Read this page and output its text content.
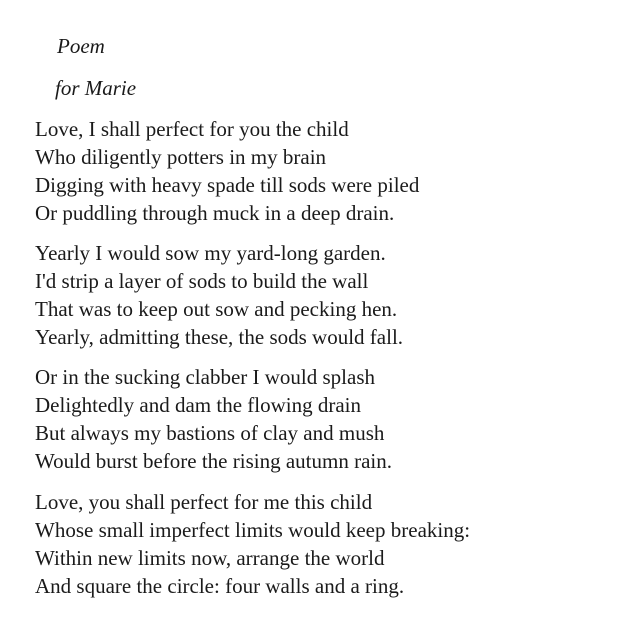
Poem

for Marie

Love, I shall perfect for you the child
Who diligently potters in my brain
Digging with heavy spade till sods were piled
Or puddling through muck in a deep drain.
Yearly I would sow my yard-long garden.
I'd strip a layer of sods to build the wall
That was to keep out sow and pecking hen.
Yearly, admitting these, the sods would fall.
Or in the sucking clabber I would splash
Delightedly and dam the flowing drain
But always my bastions of clay and mush
Would burst before the rising autumn rain.
Love, you shall perfect for me this child
Whose small imperfect limits would keep breaking:
Within new limits now, arrange the world
And square the circle: four walls and a ring.
